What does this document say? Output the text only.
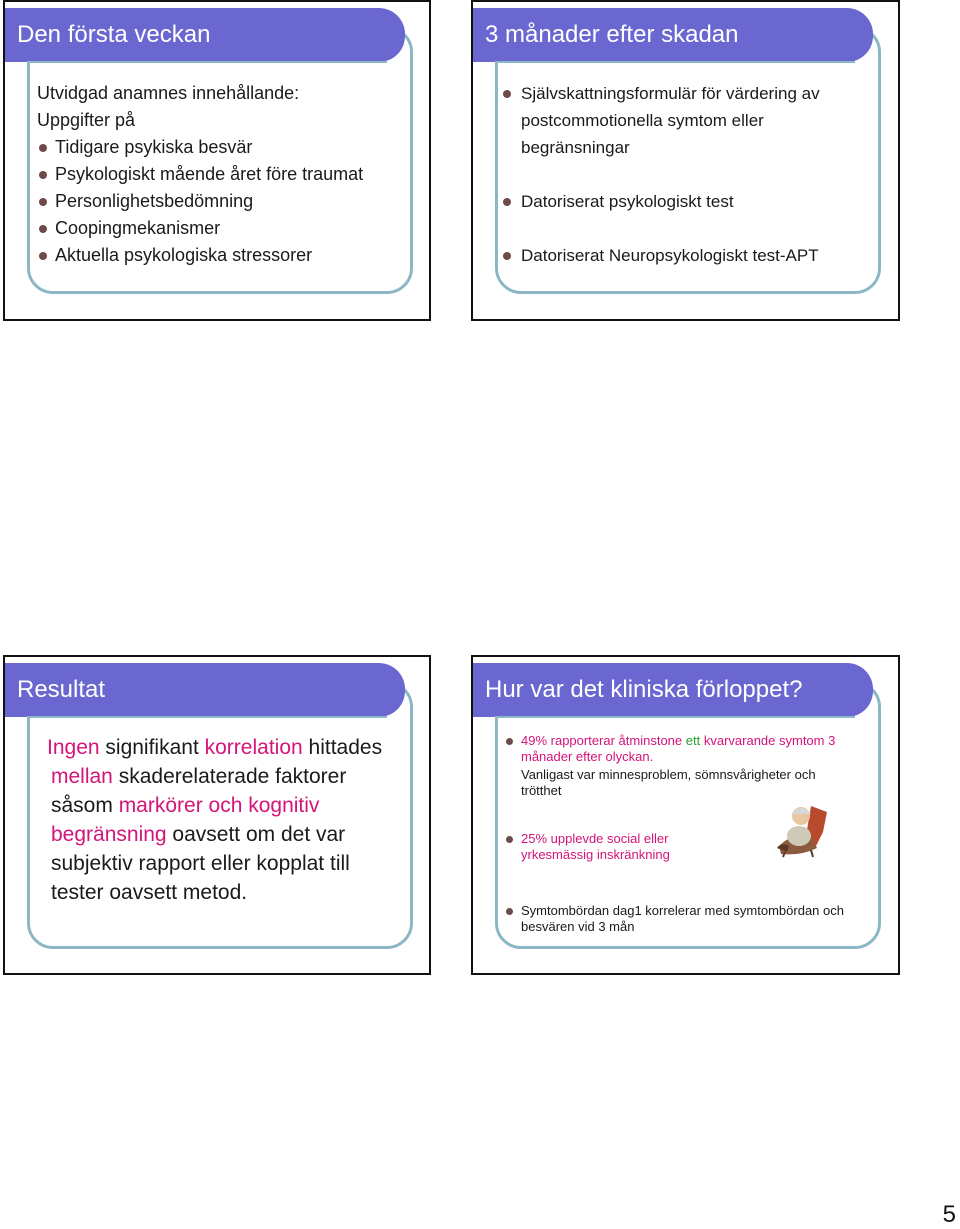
Den första veckan
Utvidgad anamnes innehållande:
Uppgifter på
Tidigare psykiska besvär
Psykologiskt mående året före traumat
Personlighetsbedömning
Coopingmekanismer
Aktuella psykologiska stressorer
3 månader efter skadan
Självskattningsformulär för värdering av postcommotionella symtom eller begränsningar
Datoriserat psykologiskt test
Datoriserat Neuropsykologiskt test-APT
Resultat
Ingen signifikant korrelation hittades mellan skaderelaterade faktorer såsom markörer och kognitiv begränsning oavsett om det var subjektiv rapport eller kopplat till tester oavsett metod.
Hur var det kliniska förloppet?
49% rapporterar åtminstone ett kvarvarande symtom 3 månader efter olyckan.
Vanligast var minnesproblem, sömnsvårigheter och trötthet
25% upplevde social eller yrkesmässig inskränkning
Symtombördan dag1 korrelerar med symtombördan och besvären vid 3 mån
5
